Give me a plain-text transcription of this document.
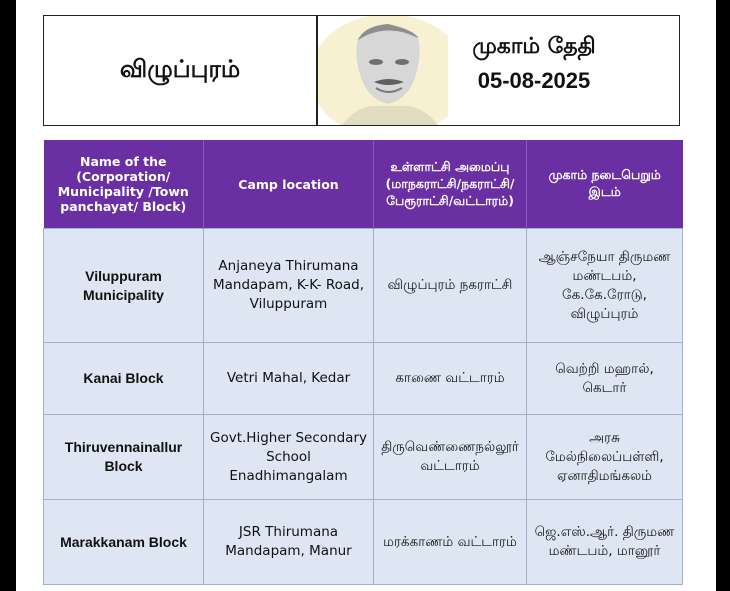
விழுப்புரம்
முகாம் தேதி
05-08-2025
Name of the (Corporation/ Municipality /Town panchayat/ Block)	Camp location	உள்ளாட்சி அமைப்பு (மாநகராட்சி/நகராட்சி/ பேரூராட்சி/வட்டாரம்)	முகாம் நடைபெறும் இடம்
Viluppuram Municipality	Anjaneya Thirumana Mandapam, K-K- Road, Viluppuram	விழுப்புரம் நகராட்சி	ஆஞ்சநேயா திருமண மண்டபம், கே.கே.ரோடு, விழுப்புரம்
Kanai Block	Vetri Mahal, Kedar	காணை வட்டாரம்	வெற்றி மஹால், கெடார்
Thiruvennainallur Block	Govt.Higher Secondary School Enadhimangalam	திருவெண்ணைநல்லூர் வட்டாரம்	அரசு மேல்நிலைப்பள்ளி, ஏனாதிமங்கலம்
Marakkanam Block	JSR Thirumana Mandapam, Manur	மரக்காணம் வட்டாரம்	ஜெ.எஸ்.ஆர். திருமண மண்டபம், மானூர்
